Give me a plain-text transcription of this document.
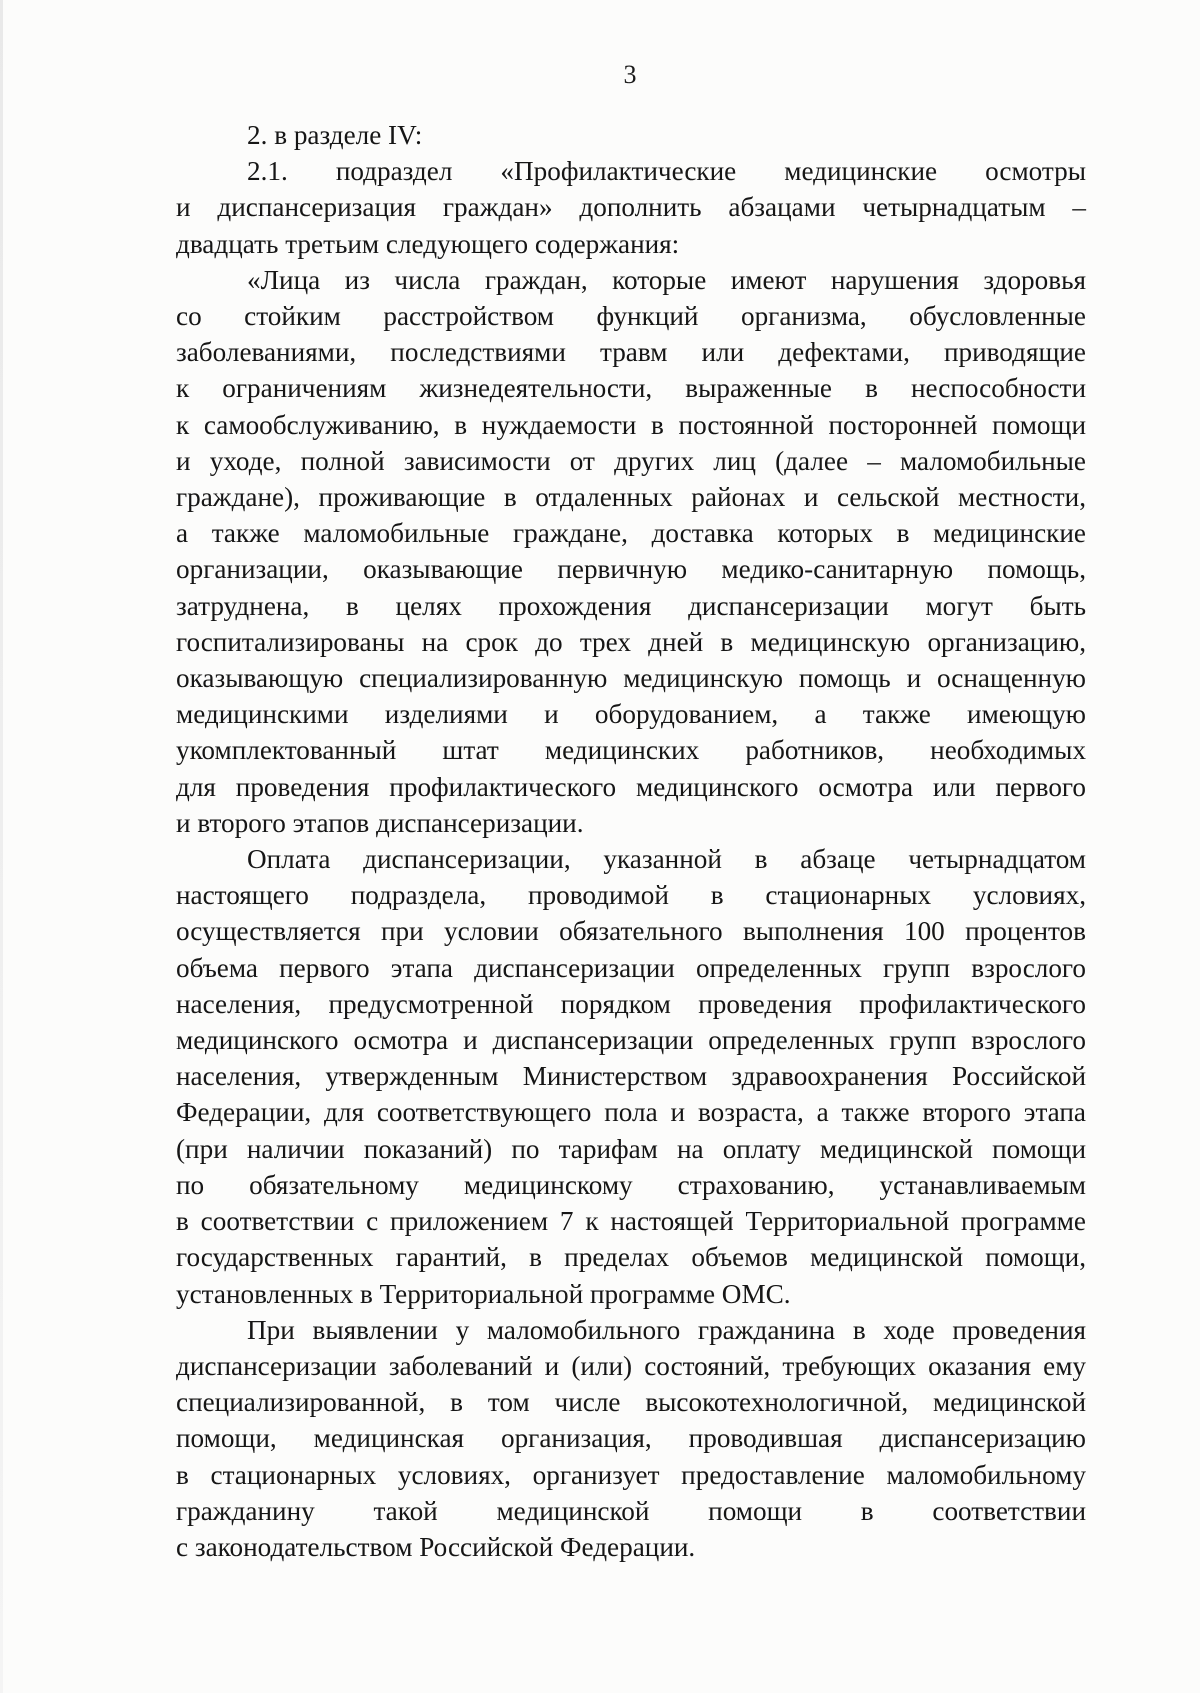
3
2. в разделе IV:
2.1. подраздел «Профилактические медицинские осмотры
и диспансеризация граждан» дополнить абзацами четырнадцатым –
двадцать третьим следующего содержания:
«Лица из числа граждан, которые имеют нарушения здоровья
со стойким расстройством функций организма, обусловленные
заболеваниями, последствиями травм или дефектами, приводящие
к ограничениям жизнедеятельности, выраженные в неспособности
к самообслуживанию, в нуждаемости в постоянной посторонней помощи
и уходе, полной зависимости от других лиц (далее – маломобильные
граждане), проживающие в отдаленных районах и сельской местности,
а также маломобильные граждане, доставка которых в медицинские
организации, оказывающие первичную медико-санитарную помощь,
затруднена, в целях прохождения диспансеризации могут быть
госпитализированы на срок до трех дней в медицинскую организацию,
оказывающую специализированную медицинскую помощь и оснащенную
медицинскими изделиями и оборудованием, а также имеющую
укомплектованный штат медицинских работников, необходимых
для проведения профилактического медицинского осмотра или первого
и второго этапов диспансеризации.
Оплата диспансеризации, указанной в абзаце четырнадцатом
настоящего подраздела, проводимой в стационарных условиях,
осуществляется при условии обязательного выполнения 100 процентов
объема первого этапа диспансеризации определенных групп взрослого
населения, предусмотренной порядком проведения профилактического
медицинского осмотра и диспансеризации определенных групп взрослого
населения, утвержденным Министерством здравоохранения Российской
Федерации, для соответствующего пола и возраста, а также второго этапа
(при наличии показаний) по тарифам на оплату медицинской помощи
по обязательному медицинскому страхованию, устанавливаемым
в соответствии с приложением 7 к настоящей Территориальной программе
государственных гарантий, в пределах объемов медицинской помощи,
установленных в Территориальной программе ОМС.
При выявлении у маломобильного гражданина в ходе проведения
диспансеризации заболеваний и (или) состояний, требующих оказания ему
специализированной, в том числе высокотехнологичной, медицинской
помощи, медицинская организация, проводившая диспансеризацию
в стационарных условиях, организует предоставление маломобильному
гражданину такой медицинской помощи в соответствии
с законодательством Российской Федерации.
